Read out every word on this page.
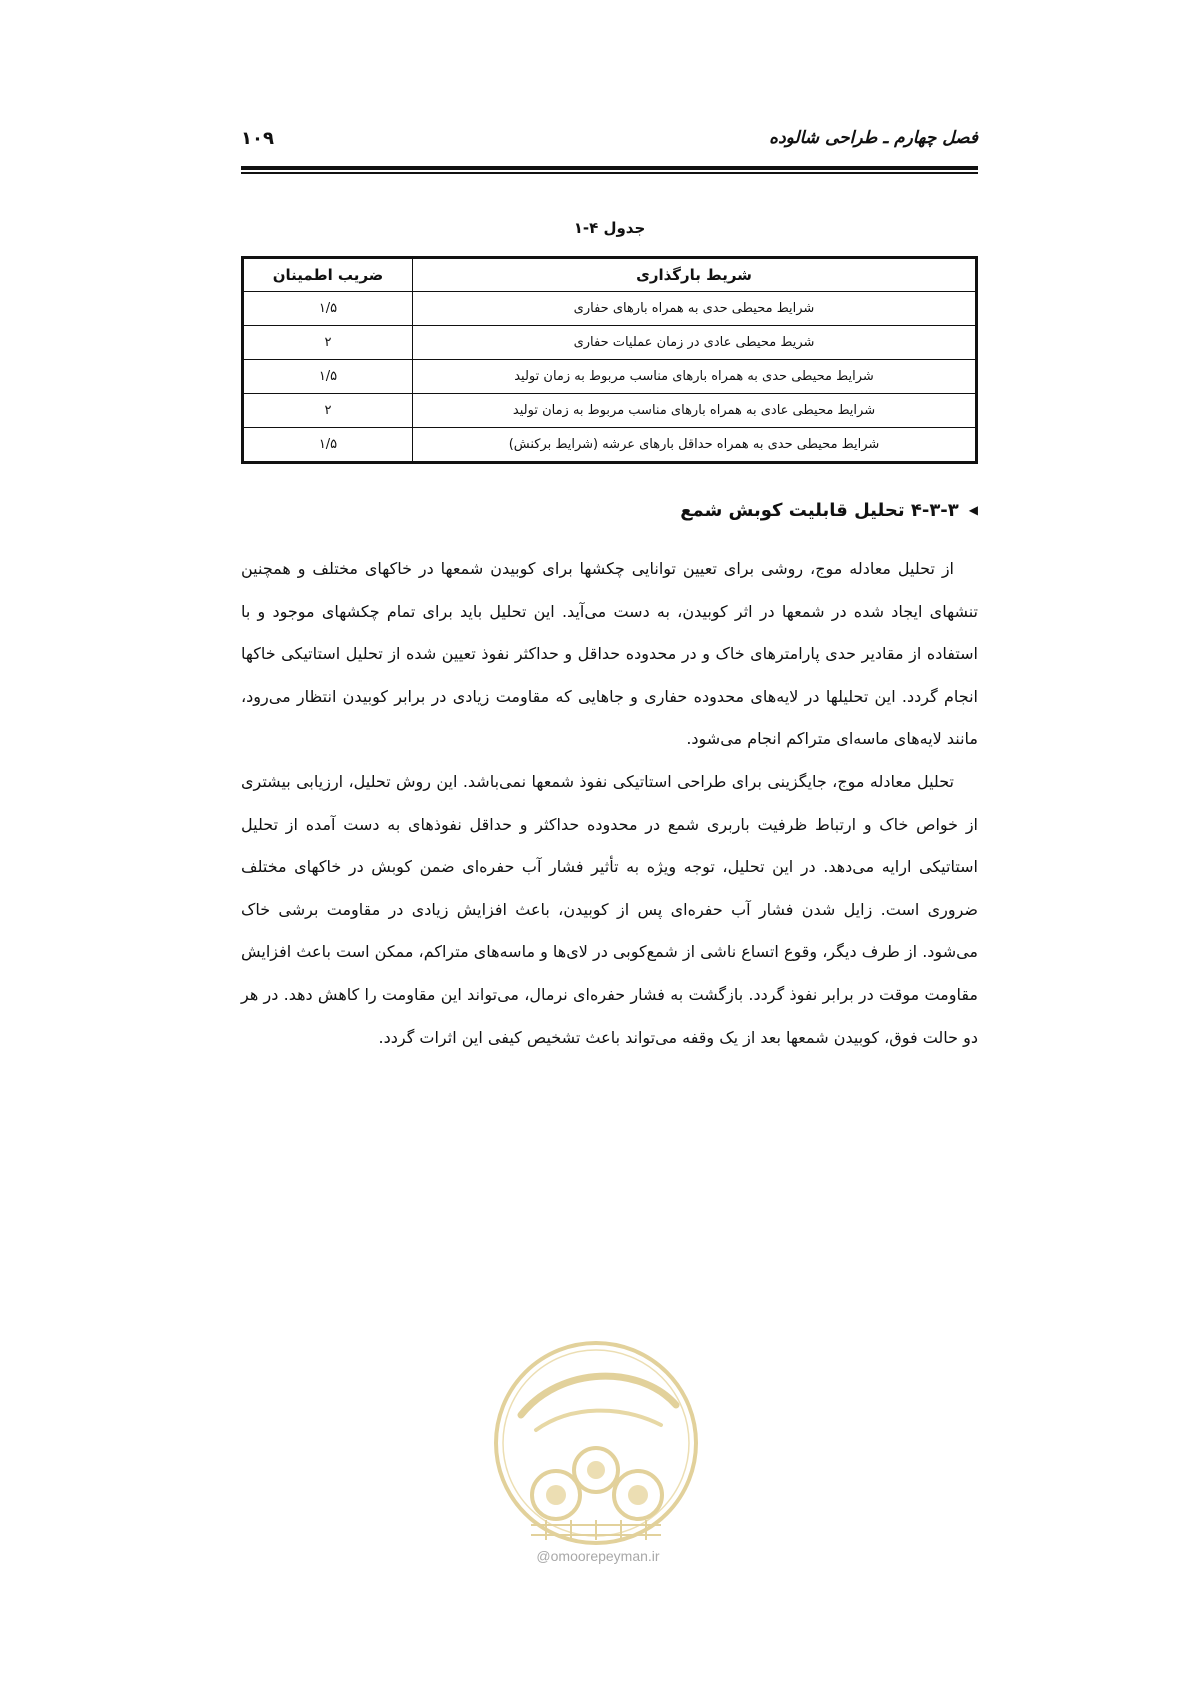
فصل چهارم ـ طراحی شالوده
۱۰۹
جدول ۴-۱
شریط بارگذاری	ضریب اطمینان
شرایط محیطی حدی به همراه بارهای حفاری	۱/۵
شریط محیطی عادی در زمان عملیات حفاری	۲
شرایط محیطی حدی به همراه بارهای مناسب مربوط به زمان تولید	۱/۵
شرایط محیطی عادی به همراه بارهای مناسب مربوط به زمان تولید	۲
شرایط محیطی حدی به همراه حداقل بارهای عرشه (شرایط برکنش)	۱/۵
◀۴-۳-۳ تحلیل قابلیت کوبش شمع

از تحلیل معادله موج، روشی برای تعیین توانایی چکشها برای کوبیدن شمعها در خاکهای مختلف و همچنین تنشهای ایجاد شده در شمعها در اثر کوبیدن، به دست می‌آید. این تحلیل باید برای تمام چکشهای موجود و با استفاده از مقادیر حدی پارامترهای خاک و در محدوده حداقل و حداکثر نفوذ تعیین شده از تحلیل استاتیکی خاکها انجام گردد. این تحلیلها در لایه‌های محدوده حفاری و جاهایی که مقاومت زیادی در برابر کوبیدن انتظار می‌رود، مانند لایه‌های ماسه‌ای متراکم انجام می‌شود.

تحلیل معادله موج، جایگزینی برای طراحی استاتیکی نفوذ شمعها نمی‌باشد. این روش تحلیل، ارزیابی بیشتری از خواص خاک و ارتباط ظرفیت باربری شمع در محدوده حداکثر و حداقل نفوذهای به دست آمده از تحلیل استاتیکی ارایه می‌دهد. در این تحلیل، توجه ویژه به تأثیر فشار آب حفره‌ای ضمن کوبش در خاکهای مختلف ضروری است. زایل شدن فشار آب حفره‌ای پس از کوبیدن، باعث افزایش زیادی در مقاومت برشی خاک می‌شود. از طرف دیگر، وقوع اتساع ناشی از شمع‌کوبی در لای‌ها و ماسه‌های متراکم، ممکن است باعث افزایش مقاومت موقت در برابر نفوذ گردد. بازگشت به فشار حفره‌ای نرمال، می‌تواند این مقاومت را کاهش دهد. در هر دو حالت فوق، کوبیدن شمعها بعد از یک وقفه می‌تواند باعث تشخیص کیفی این اثرات گردد.

@omoorepeyman.ir
